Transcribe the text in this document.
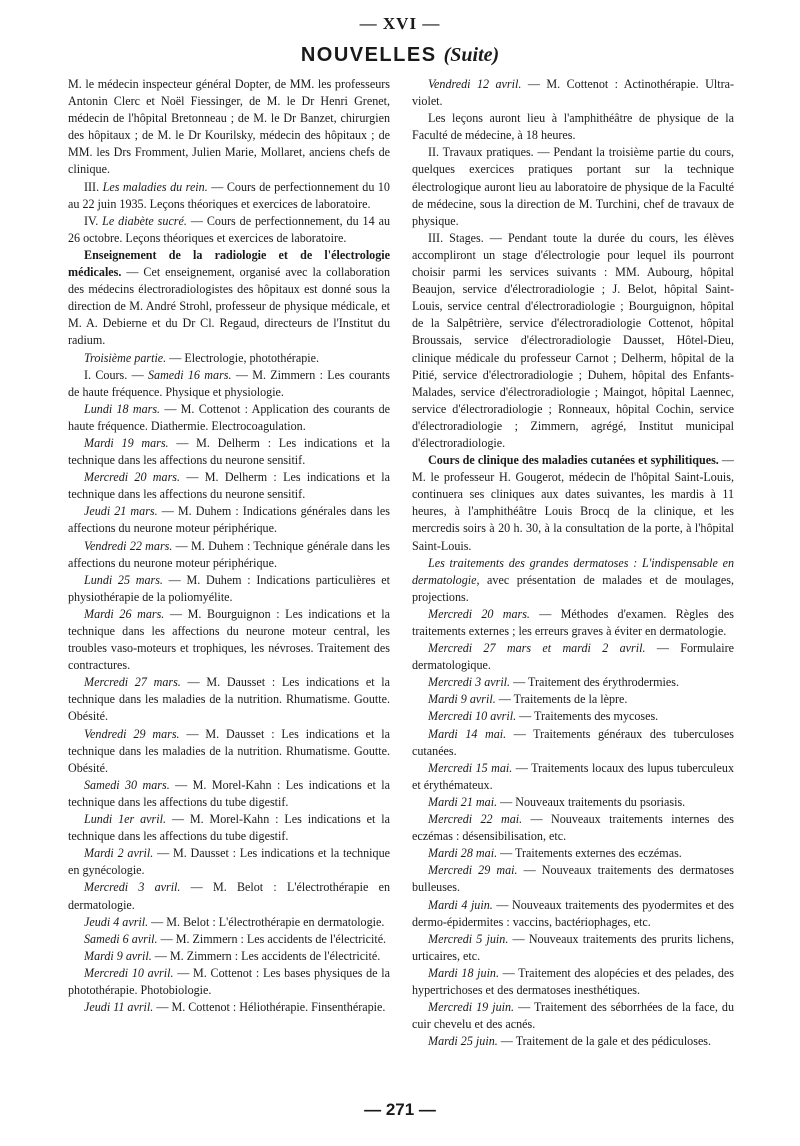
— XVI —
NOUVELLES (Suite)

M. le médecin inspecteur général Dopter, de MM. les professeurs Antonin Clerc et Noël Fiessinger, de M. le Dr Henri Grenet, médecin de l'hôpital Bretonneau ; de M. le Dr Banzet, chirurgien des hôpitaux ; de M. le Dr Kourilsky, médecin des hôpitaux ; de MM. les Drs Fromment, Julien Marie, Mollaret, anciens chefs de clinique.

III. Les maladies du rein. — Cours de perfectionnement du 10 au 22 juin 1935. Leçons théoriques et exercices de laboratoire.

IV. Le diabète sucré. — Cours de perfectionnement, du 14 au 26 octobre. Leçons théoriques et exercices de laboratoire.

Enseignement de la radiologie et de l'électrologie médicales. — Cet enseignement, organisé avec la collaboration des médecins électroradiologistes des hôpitaux est donné sous la direction de M. André Strohl, professeur de physique médicale, et M. A. Debierne et du Dr Cl. Regaud, directeurs de l'Institut du radium.

Troisième partie. — Electrologie, photothérapie.

I. Cours. — Samedi 16 mars. — M. Zimmern : Les courants de haute fréquence. Physique et physiologie.

Lundi 18 mars. — M. Cottenot : Application des courants de haute fréquence. Diathermie. Electrocoagulation.

Mardi 19 mars. — M. Delherm : Les indications et la technique dans les affections du neurone sensitif.

Mercredi 20 mars. — M. Delherm : Les indications et la technique dans les affections du neurone sensitif.

Jeudi 21 mars. — M. Duhem : Indications générales dans les affections du neurone moteur périphérique.

Vendredi 22 mars. — M. Duhem : Technique générale dans les affections du neurone moteur périphérique.

Lundi 25 mars. — M. Duhem : Indications particulières et physiothérapie de la poliomyélite.

Mardi 26 mars. — M. Bourguignon : Les indications et la technique dans les affections du neurone moteur central, les troubles vaso-moteurs et trophiques, les névroses. Traitement des contractures.

Mercredi 27 mars. — M. Dausset : Les indications et la technique dans les maladies de la nutrition. Rhumatisme. Goutte. Obésité.

Vendredi 29 mars. — M. Dausset : Les indications et la technique dans les maladies de la nutrition. Rhumatisme. Goutte. Obésité.

Samedi 30 mars. — M. Morel-Kahn : Les indications et la technique dans les affections du tube digestif.

Lundi 1er avril. — M. Morel-Kahn : Les indications et la technique dans les affections du tube digestif.

Mardi 2 avril. — M. Dausset : Les indications et la technique en gynécologie.

Mercredi 3 avril. — M. Belot : L'électrothérapie en dermatologie.

Jeudi 4 avril. — M. Belot : L'électrothérapie en dermatologie.

Samedi 6 avril. — M. Zimmern : Les accidents de l'électricité.

Mardi 9 avril. — M. Zimmern : Les accidents de l'électricité.

Mercredi 10 avril. — M. Cottenot : Les bases physiques de la photothérapie. Photobiologie.

Jeudi 11 avril. — M. Cottenot : Héliothérapie. Finsenthérapie.

Vendredi 12 avril. — M. Cottenot : Actinothérapie. Ultra-violet.

Les leçons auront lieu à l'amphithéâtre de physique de la Faculté de médecine, à 18 heures.

II. Travaux pratiques. — Pendant la troisième partie du cours, quelques exercices pratiques portant sur la technique électrologique auront lieu au laboratoire de physique de la Faculté de médecine, sous la direction de M. Turchini, chef de travaux de physique.

III. Stages. — Pendant toute la durée du cours, les élèves accompliront un stage d'électrologie pour lequel ils pourront choisir parmi les services suivants : MM. Aubourg, hôpital Beaujon, service d'électroradiologie ; J. Belot, hôpital Saint-Louis, service central d'électroradiologie ; Bourguignon, hôpital de la Salpêtrière, service d'électroradiologie Cottenot, hôpital Broussais, service d'électroradiologie Dausset, Hôtel-Dieu, clinique médicale du professeur Carnot ; Delherm, hôpital de la Pitié, service d'électroradiologie ; Duhem, hôpital des Enfants-Malades, service d'électroradiologie ; Maingot, hôpital Laennec, service d'électroradiologie ; Ronneaux, hôpital Cochin, service d'électroradiologie ; Zimmern, agrégé, Institut municipal d'électroradiologie.

Cours de clinique des maladies cutanées et syphilitiques. — M. le professeur H. Gougerot, médecin de l'hôpital Saint-Louis, continuera ses cliniques aux dates suivantes, les mardis à 11 heures, à l'amphithéâtre Louis Brocq de la clinique, et les mercredis soirs à 20 h. 30, à la consultation de la porte, à l'hôpital Saint-Louis.

Les traitements des grandes dermatoses : L'indispensable en dermatologie, avec présentation de malades et de moulages, projections.

Mercredi 20 mars. — Méthodes d'examen. Règles des traitements externes ; les erreurs graves à éviter en dermatologie.

Mercredi 27 mars et mardi 2 avril. — Formulaire dermatologique.

Mercredi 3 avril. — Traitement des érythrodermies.

Mardi 9 avril. — Traitements de la lèpre.

Mercredi 10 avril. — Traitements des mycoses.

Mardi 14 mai. — Traitements généraux des tuberculoses cutanées.

Mercredi 15 mai. — Traitements locaux des lupus tuberculeux et érythémateux.

Mardi 21 mai. — Nouveaux traitements du psoriasis.

Mercredi 22 mai. — Nouveaux traitements internes des eczémas : désensibilisation, etc.

Mardi 28 mai. — Traitements externes des eczémas.

Mercredi 29 mai. — Nouveaux traitements des dermatoses bulleuses.

Mardi 4 juin. — Nouveaux traitements des pyodermites et des dermo-épidermites : vaccins, bactériophages, etc.

Mercredi 5 juin. — Nouveaux traitements des prurits lichens, urticaires, etc.

Mardi 18 juin. — Traitement des alopécies et des pelades, des hypertrichoses et des dermatoses inesthétiques.

Mercredi 19 juin. — Traitement des séborrhées de la face, du cuir chevelu et des acnés.

Mardi 25 juin. — Traitement de la gale et des pédiculoses.

— 271 —
